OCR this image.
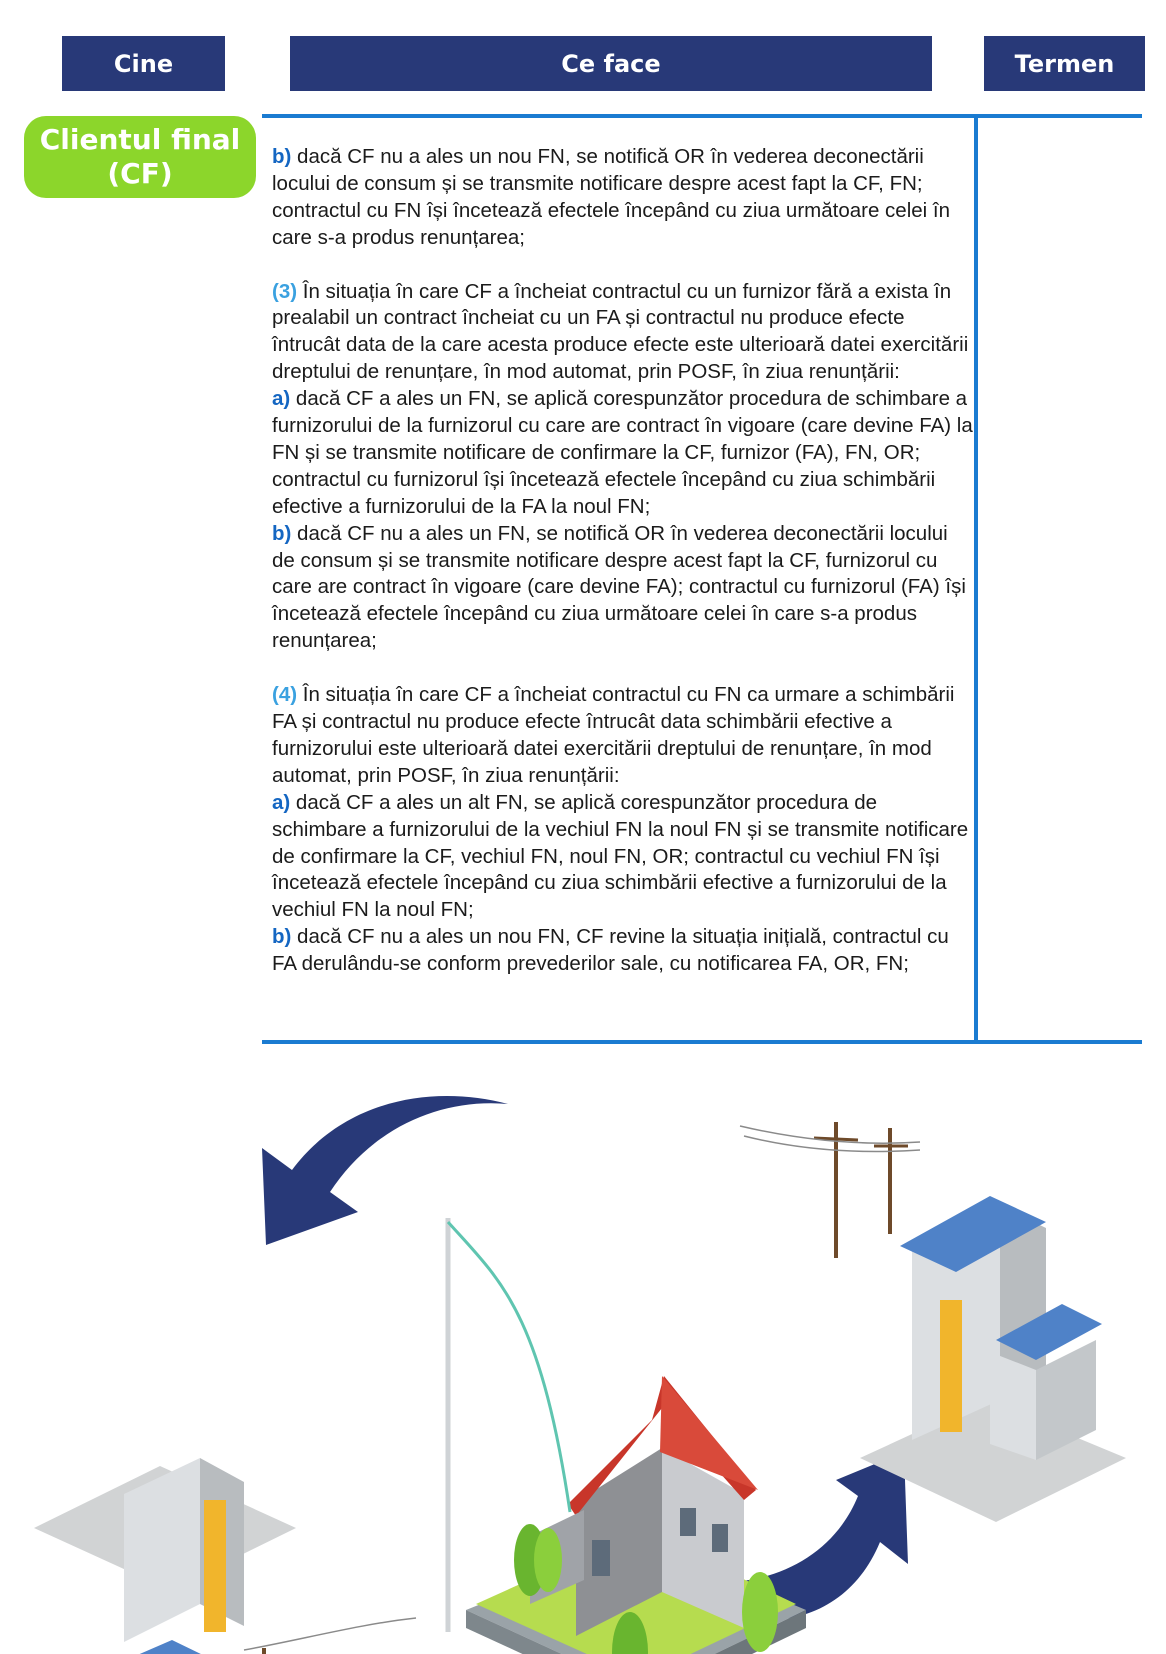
Cine	Ce face	Termen
Clientul final
(CF)

b) dacă CF nu a ales un nou FN, se notifică OR în vederea deconectării locului de consum și se transmite notificare despre acest fapt la CF, FN; contractul cu FN își încetează efectele începând cu ziua următoare celei în care s-a produs renunțarea;

(3) În situația în care CF a încheiat contractul cu un furnizor fără a exista în prealabil un contract încheiat cu un FA și contractul nu produce efecte întrucât data de la care acesta produce efecte este ulterioară datei exercitării dreptului de renunțare, în mod automat, prin POSF, în ziua renunțării:
a) dacă CF a ales un FN, se aplică corespunzător procedura de schimbare a furnizorului de la furnizorul cu care are contract în vigoare (care devine FA) la FN și se transmite notificare de confirmare la CF, furnizor (FA), FN, OR; contractul cu furnizorul își încetează efectele începând cu ziua schimbării efective a furnizorului de la FA la noul FN;
b) dacă CF nu a ales un FN, se notifică OR în vederea deconectării locului de consum și se transmite notificare despre acest fapt la CF, furnizorul cu care are contract în vigoare (care devine FA); contractul cu furnizorul (FA) își încetează efectele începând cu ziua următoare celei în care s-a produs renunțarea;

(4) În situația în care CF a încheiat contractul cu FN ca urmare a schimbării FA și contractul nu produce efecte întrucât data schimbării efective a furnizorului este ulterioară datei exercitării dreptului de renunțare, în mod automat, prin POSF, în ziua renunțării:
a) dacă CF a ales un alt FN, se aplică corespunzător procedura de schimbare a furnizorului de la vechiul FN la noul FN și se transmite notificare de confirmare la CF, vechiul FN, noul FN, OR; contractul cu vechiul FN își încetează efectele începând cu ziua schimbării efective a furnizorului de la vechiul FN la noul FN;
b) dacă CF nu a ales un nou FN, CF revine la situația inițială, contractul cu FA derulându-se conform prevederilor sale, cu notificarea FA, OR, FN;
